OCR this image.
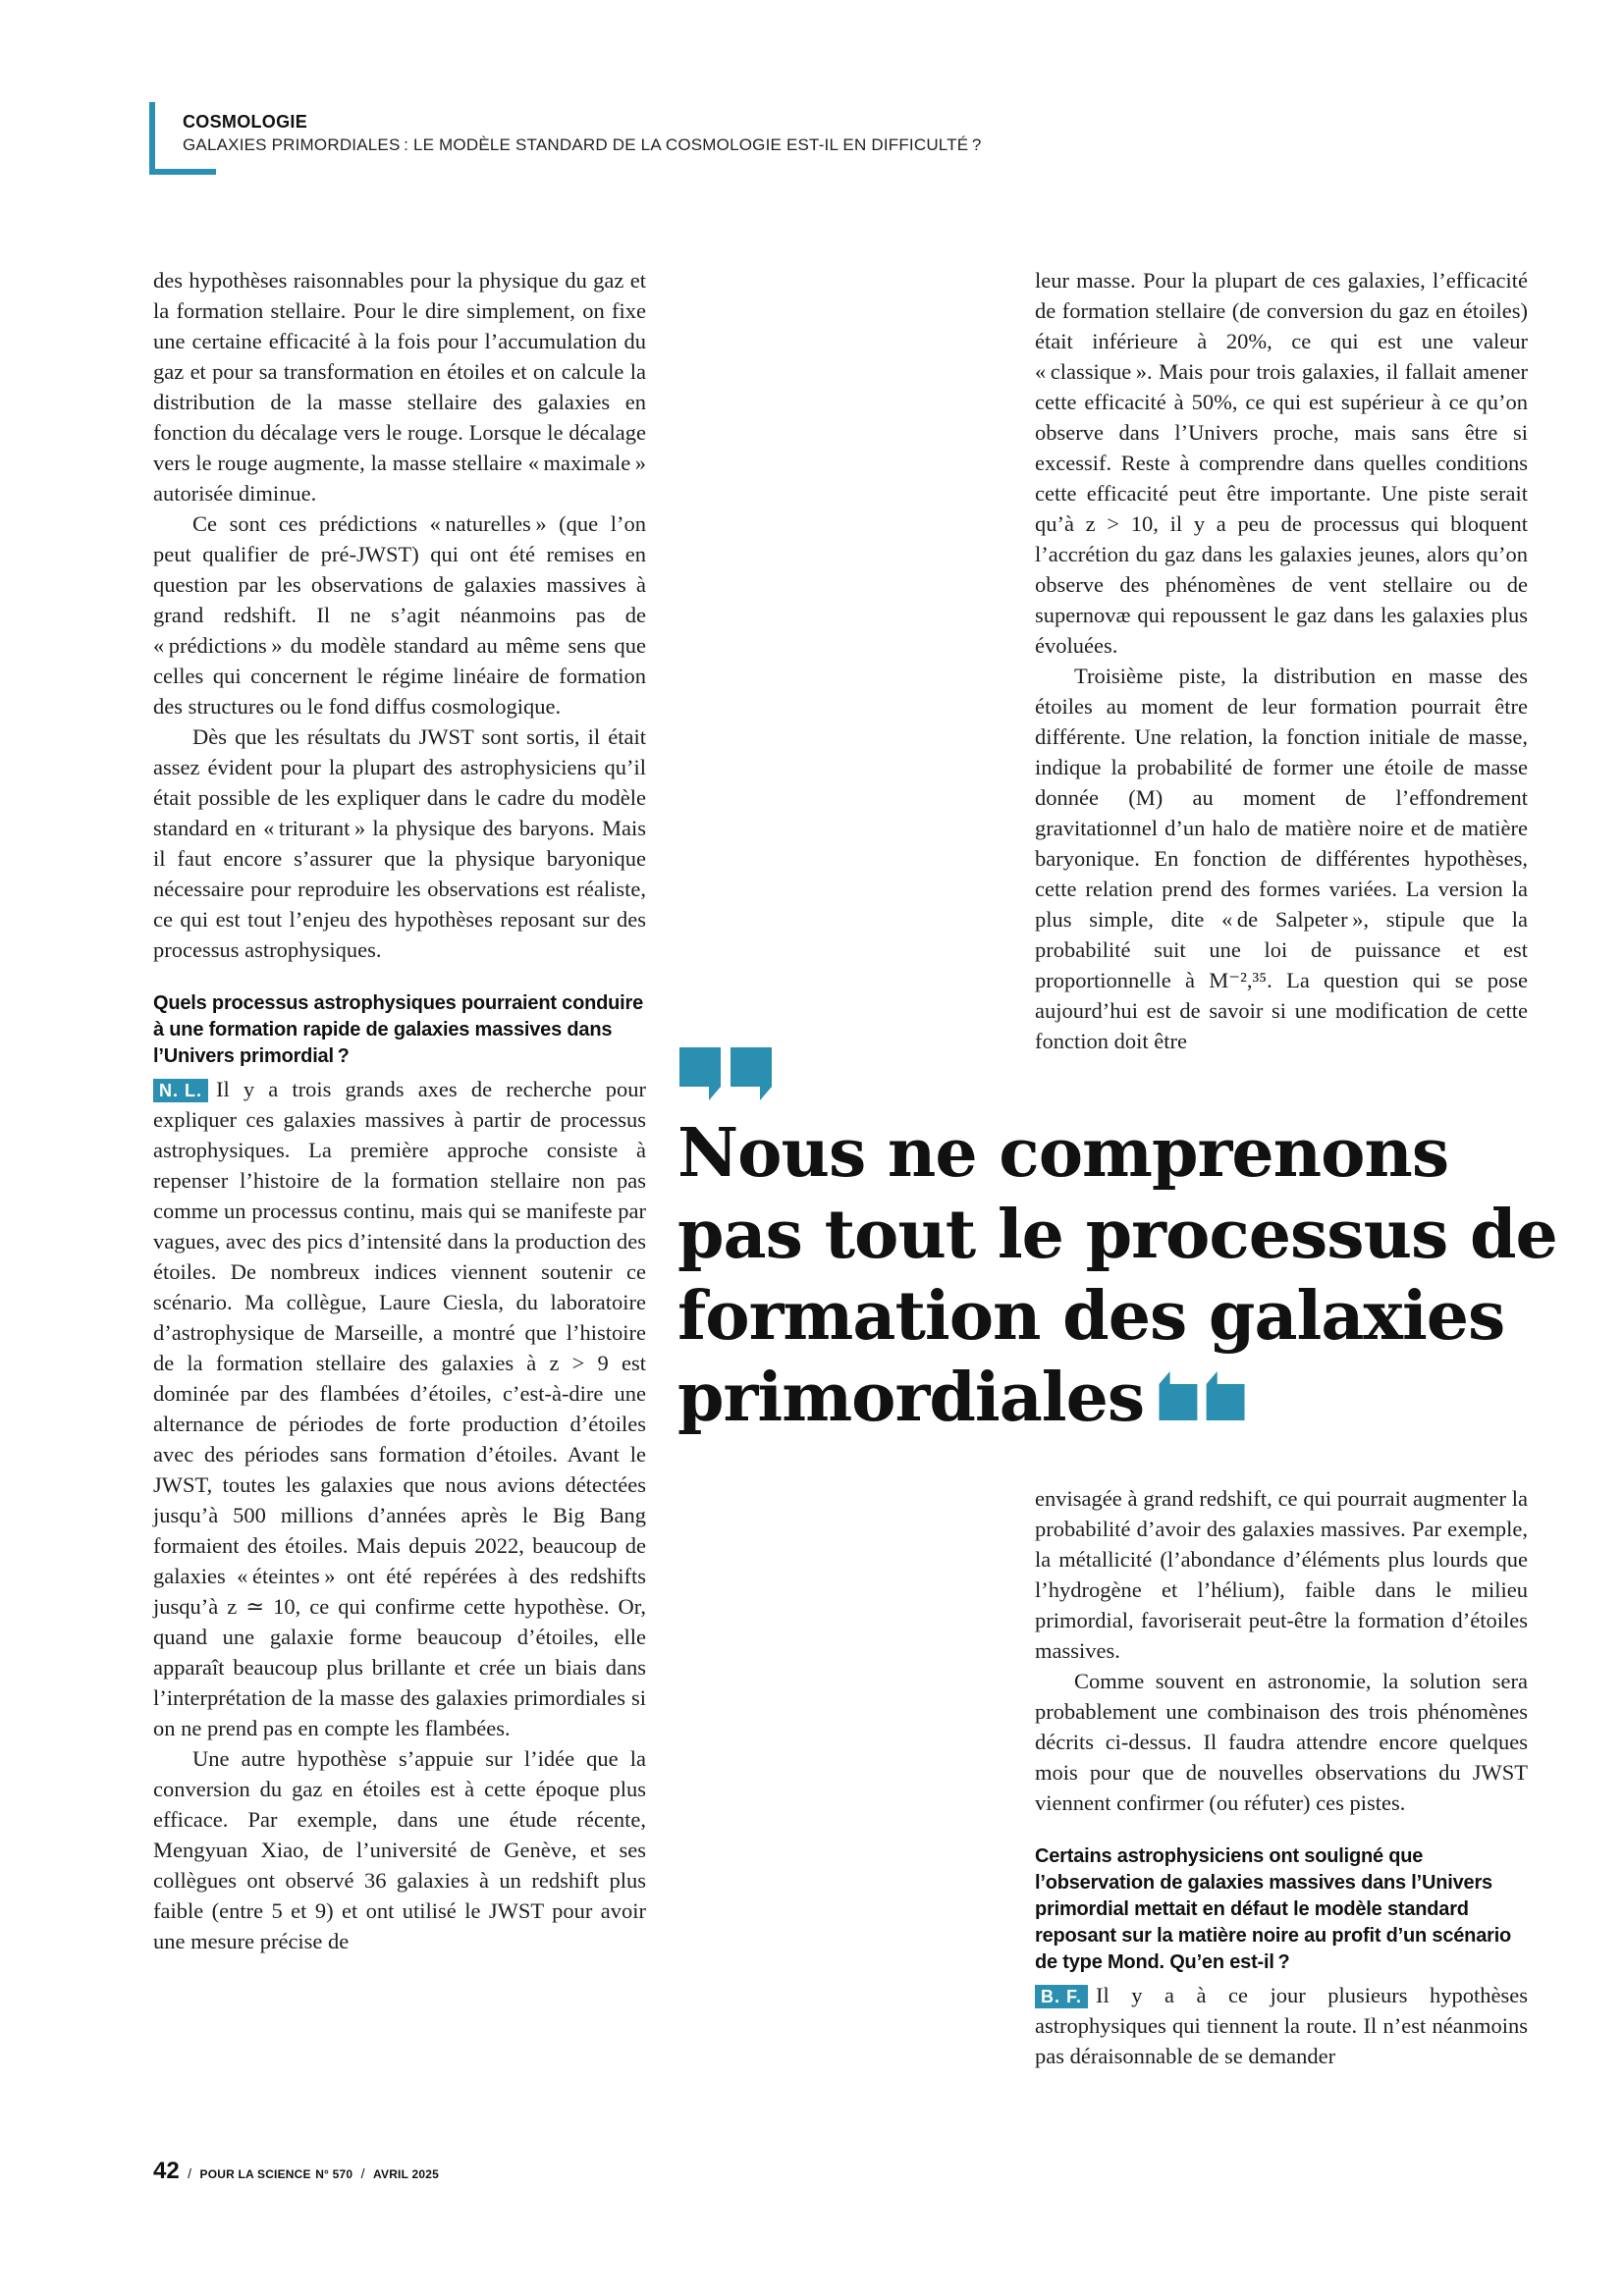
COSMOLOGIE
GALAXIES PRIMORDIALES : LE MODÈLE STANDARD DE LA COSMOLOGIE EST-IL EN DIFFICULTÉ ?

des hypothèses raisonnables pour la physique du gaz et la formation stellaire. Pour le dire simplement, on fixe une certaine efficacité à la fois pour l’accumulation du gaz et pour sa transformation en étoiles et on calcule la distribution de la masse stellaire des galaxies en fonction du décalage vers le rouge. Lorsque le décalage vers le rouge augmente, la masse stellaire « maximale » autorisée diminue.

Ce sont ces prédictions « naturelles » (que l’on peut qualifier de pré-JWST) qui ont été remises en question par les observations de galaxies massives à grand redshift. Il ne s’agit néanmoins pas de « prédictions » du modèle standard au même sens que celles qui concernent le régime linéaire de formation des structures ou le fond diffus cosmologique.

Dès que les résultats du JWST sont sortis, il était assez évident pour la plupart des astrophysiciens qu’il était possible de les expliquer dans le cadre du modèle standard en « triturant » la physique des baryons. Mais il faut encore s’assurer que la physique baryonique nécessaire pour reproduire les observations est réaliste, ce qui est tout l’enjeu des hypothèses reposant sur des processus astrophysiques.

Quels processus astrophysiques pourraient conduire à une formation rapide de galaxies massives dans l’Univers primordial ?

N. L. Il y a trois grands axes de recherche pour expliquer ces galaxies massives à partir de processus astrophysiques. La première approche consiste à repenser l’histoire de la formation stellaire non pas comme un processus continu, mais qui se manifeste par vagues, avec des pics d’intensité dans la production des étoiles. De nombreux indices viennent soutenir ce scénario. Ma collègue, Laure Ciesla, du laboratoire d’astrophysique de Marseille, a montré que l’histoire de la formation stellaire des galaxies à z > 9 est dominée par des flambées d’étoiles, c’est-à-dire une alternance de périodes de forte production d’étoiles avec des périodes sans formation d’étoiles. Avant le JWST, toutes les galaxies que nous avions détectées jusqu’à 500 millions d’années après le Big Bang formaient des étoiles. Mais depuis 2022, beaucoup de galaxies « éteintes » ont été repérées à des redshifts jusqu’à z ≃ 10, ce qui confirme cette hypothèse. Or, quand une galaxie forme beaucoup d’étoiles, elle apparaît beaucoup plus brillante et crée un biais dans l’interprétation de la masse des galaxies primordiales si on ne prend pas en compte les flambées.

Une autre hypothèse s’appuie sur l’idée que la conversion du gaz en étoiles est à cette époque plus efficace. Par exemple, dans une étude récente, Mengyuan Xiao, de l’université de Genève, et ses collègues ont observé 36 galaxies à un redshift plus faible (entre 5 et 9) et ont utilisé le JWST pour avoir une mesure précise de

leur masse. Pour la plupart de ces galaxies, l’efficacité de formation stellaire (de conversion du gaz en étoiles) était inférieure à 20%, ce qui est une valeur « classique ». Mais pour trois galaxies, il fallait amener cette efficacité à 50%, ce qui est supérieur à ce qu’on observe dans l’Univers proche, mais sans être si excessif. Reste à comprendre dans quelles conditions cette efficacité peut être importante. Une piste serait qu’à z > 10, il y a peu de processus qui bloquent l’accrétion du gaz dans les galaxies jeunes, alors qu’on observe des phénomènes de vent stellaire ou de supernovæ qui repoussent le gaz dans les galaxies plus évoluées.

Troisième piste, la distribution en masse des étoiles au moment de leur formation pourrait être différente. Une relation, la fonction initiale de masse, indique la probabilité de former une étoile de masse donnée (M) au moment de l’effondrement gravitationnel d’un halo de matière noire et de matière baryonique. En fonction de différentes hypothèses, cette relation prend des formes variées. La version la plus simple, dite « de Salpeter », stipule que la probabilité suit une loi de puissance et est proportionnelle à M⁻²,³⁵. La question qui se pose aujourd’hui est de savoir si une modification de cette fonction doit être

Nous ne comprenons pas tout le processus de formation des galaxies primordiales

envisagée à grand redshift, ce qui pourrait augmenter la probabilité d’avoir des galaxies massives. Par exemple, la métallicité (l’abondance d’éléments plus lourds que l’hydrogène et l’hélium), faible dans le milieu primordial, favoriserait peut-être la formation d’étoiles massives.

Comme souvent en astronomie, la solution sera probablement une combinaison des trois phénomènes décrits ci-dessus. Il faudra attendre encore quelques mois pour que de nouvelles observations du JWST viennent confirmer (ou réfuter) ces pistes.

Certains astrophysiciens ont souligné que l’observation de galaxies massives dans l’Univers primordial mettait en défaut le modèle standard reposant sur la matière noire au profit d’un scénario de type Mond. Qu’en est-il ?

B. F. Il y a à ce jour plusieurs hypothèses astrophysiques qui tiennent la route. Il n’est néanmoins pas déraisonnable de se demander

42 / POUR LA SCIENCE N° 570 / AVRIL 2025
